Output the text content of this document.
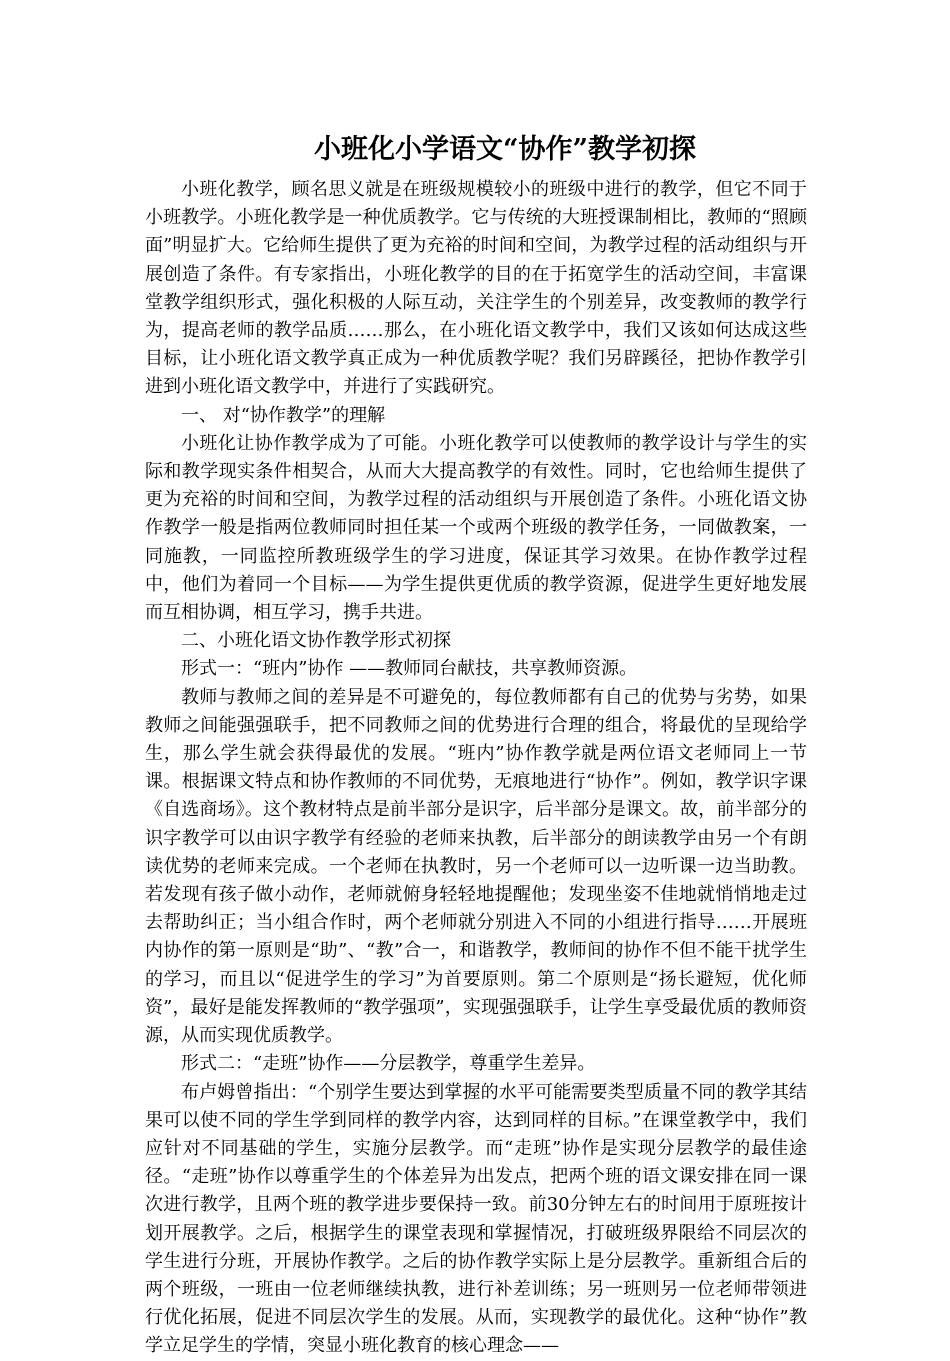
小班化小学语文“协作”教学初探

小班化教学，顾名思义就是在班级规模较小的班级中进行的教学，但它不同于小班教学。小班化教学是一种优质教学。它与传统的大班授课制相比，教师的“照顾面”明显扩大。它给师生提供了更为充裕的时间和空间，为教学过程的活动组织与开展创造了条件。有专家指出，小班化教学的目的在于拓宽学生的活动空间，丰富课堂教学组织形式，强化积极的人际互动，关注学生的个别差异，改变教师的教学行为，提高老师的教学品质……那么，在小班化语文教学中，我们又该如何达成这些目标，让小班化语文教学真正成为一种优质教学呢？我们另辟蹊径，把协作教学引进到小班化语文教学中，并进行了实践研究。

一、 对“协作教学”的理解

小班化让协作教学成为了可能。小班化教学可以使教师的教学设计与学生的实际和教学现实条件相契合，从而大大提高教学的有效性。同时，它也给师生提供了更为充裕的时间和空间，为教学过程的活动组织与开展创造了条件。小班化语文协作教学一般是指两位教师同时担任某一个或两个班级的教学任务，一同做教案，一同施教，一同监控所教班级学生的学习进度，保证其学习效果。在协作教学过程中，他们为着同一个目标——为学生提供更优质的教学资源，促进学生更好地发展而互相协调，相互学习，携手共进。

二、小班化语文协作教学形式初探

形式一：“班内”协作 ——教师同台献技，共享教师资源。

教师与教师之间的差异是不可避免的，每位教师都有自己的优势与劣势，如果教师之间能强强联手，把不同教师之间的优势进行合理的组合，将最优的呈现给学生，那么学生就会获得最优的发展。“班内”协作教学就是两位语文老师同上一节课。根据课文特点和协作教师的不同优势，无痕地进行“协作”。例如，教学识字课《自选商场》。这个教材特点是前半部分是识字，后半部分是课文。故，前半部分的识字教学可以由识字教学有经验的老师来执教，后半部分的朗读教学由另一个有朗读优势的老师来完成。一个老师在执教时，另一个老师可以一边听课一边当助教。若发现有孩子做小动作，老师就俯身轻轻地提醒他；发现坐姿不佳地就悄悄地走过去帮助纠正；当小组合作时，两个老师就分别进入不同的小组进行指导……开展班内协作的第一原则是“助”、“教”合一，和谐教学，教师间的协作不但不能干扰学生的学习，而且以“促进学生的学习”为首要原则。第二个原则是“扬长避短，优化师资”，最好是能发挥教师的“教学强项”，实现强强联手，让学生享受最优质的教师资源，从而实现优质教学。

形式二：“走班”协作——分层教学，尊重学生差异。

布卢姆曾指出：“个别学生要达到掌握的水平可能需要类型质量不同的教学其结果可以使不同的学生学到同样的教学内容，达到同样的目标。”在课堂教学中，我们应针对不同基础的学生，实施分层教学。而“走班”协作是实现分层教学的最佳途径。“走班”协作以尊重学生的个体差异为出发点，把两个班的语文课安排在同一课次进行教学，且两个班的教学进步要保持一致。前30分钟左右的时间用于原班按计划开展教学。之后，根据学生的课堂表现和掌握情况，打破班级界限给不同层次的学生进行分班，开展协作教学。之后的协作教学实际上是分层教学。重新组合后的两个班级，一班由一位老师继续执教，进行补差训练；另一班则另一位老师带领进行优化拓展，促进不同层次学生的发展。从而，实现教学的最优化。这种“协作”教学立足学生的学情，突显小班化教育的核心理念——
